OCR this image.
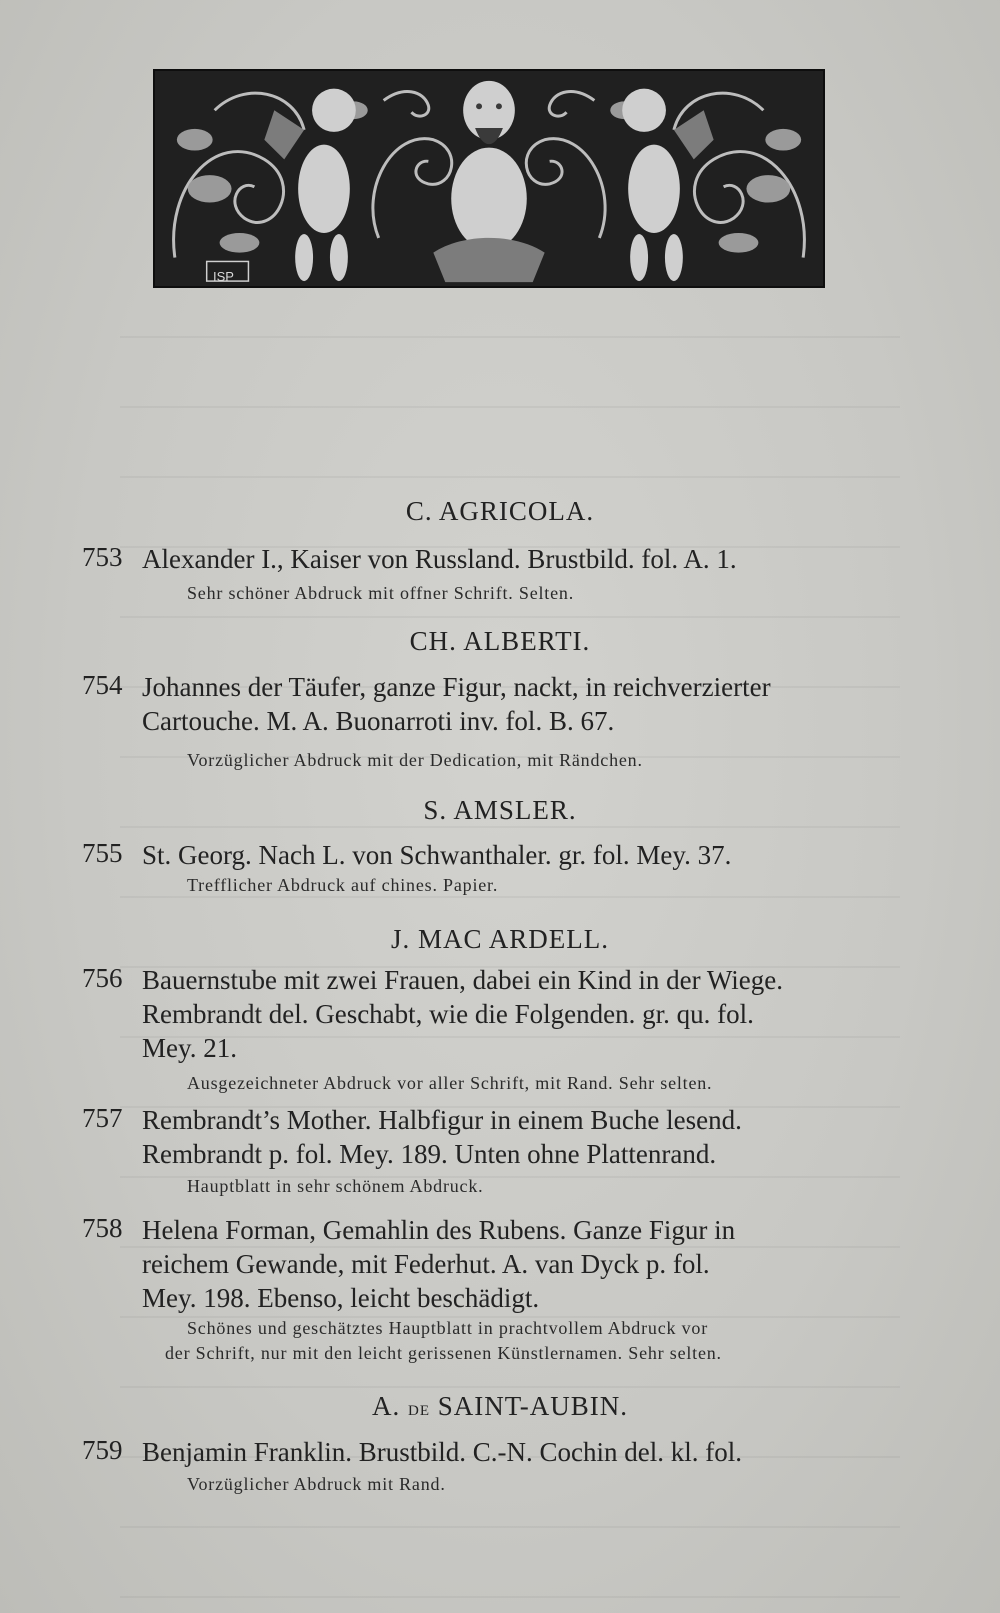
ISP
C. AGRICOLA.
753 Alexander I., Kaiser von Russland. Brustbild. fol. A. 1.
Sehr schöner Abdruck mit offner Schrift. Selten.
CH. ALBERTI.
754 Johannes der Täufer, ganze Figur, nackt, in reichverzierter
Cartouche. M. A. Buonarroti inv. fol. B. 67.
Vorzüglicher Abdruck mit der Dedication, mit Rändchen.
S. AMSLER.
755 St. Georg. Nach L. von Schwanthaler. gr. fol. Mey. 37.
Trefflicher Abdruck auf chines. Papier.
J. MAC ARDELL.
756 Bauernstube mit zwei Frauen, dabei ein Kind in der Wiege.
Rembrandt del. Geschabt, wie die Folgenden. gr. qu. fol.
Mey. 21.
Ausgezeichneter Abdruck vor aller Schrift, mit Rand. Sehr selten.
757 Rembrandt’s Mother. Halbfigur in einem Buche lesend.
Rembrandt p. fol. Mey. 189. Unten ohne Plattenrand.
Hauptblatt in sehr schönem Abdruck.
758 Helena Forman, Gemahlin des Rubens. Ganze Figur in
reichem Gewande, mit Federhut. A. van Dyck p. fol.
Mey. 198. Ebenso, leicht beschädigt.
Schönes und geschätztes Hauptblatt in prachtvollem Abdruck vor
der Schrift, nur mit den leicht gerissenen Künstlernamen. Sehr selten.
A. de SAINT-AUBIN.
759 Benjamin Franklin. Brustbild. C.-N. Cochin del. kl. fol.
Vorzüglicher Abdruck mit Rand.
